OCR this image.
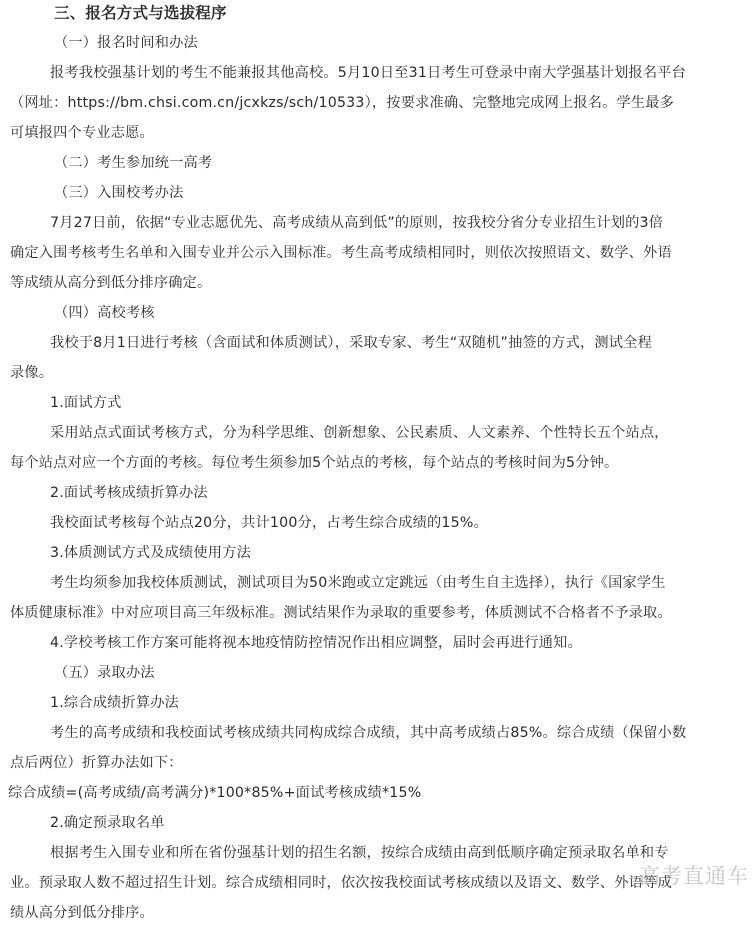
三、报名方式与选拔程序
（一）报名时间和办法
报考我校强基计划的考生不能兼报其他高校。5月10日至31日考生可登录中南大学强基计划报名平台
（网址：https://bm.chsi.com.cn/jcxkzs/sch/10533），按要求准确、完整地完成网上报名。学生最多
可填报四个专业志愿。
（二）考生参加统一高考
（三）入围校考办法
7月27日前，依据“专业志愿优先、高考成绩从高到低”的原则，按我校分省分专业招生计划的3倍
确定入围考核考生名单和入围专业并公示入围标准。考生高考成绩相同时，则依次按照语文、数学、外语
等成绩从高分到低分排序确定。
（四）高校考核
我校于8月1日进行考核（含面试和体质测试），采取专家、考生“双随机”抽签的方式，测试全程
录像。
1.面试方式
采用站点式面试考核方式，分为科学思维、创新想象、公民素质、人文素养、个性特长五个站点，
每个站点对应一个方面的考核。每位考生须参加5个站点的考核，每个站点的考核时间为5分钟。
2.面试考核成绩折算办法
我校面试考核每个站点20分，共计100分，占考生综合成绩的15%。
3.体质测试方式及成绩使用方法
考生均须参加我校体质测试，测试项目为50米跑或立定跳远（由考生自主选择），执行《国家学生
体质健康标准》中对应项目高三年级标准。测试结果作为录取的重要参考，体质测试不合格者不予录取。
4.学校考核工作方案可能将视本地疫情防控情况作出相应调整，届时会再进行通知。
（五）录取办法
1.综合成绩折算办法
考生的高考成绩和我校面试考核成绩共同构成综合成绩，其中高考成绩占85%。综合成绩（保留小数
点后两位）折算办法如下：
综合成绩=(高考成绩/高考满分)*100*85%+面试考核成绩*15%
2.确定预录取名单
根据考生入围专业和所在省份强基计划的招生名额，按综合成绩由高到低顺序确定预录取名单和专
业。预录取人数不超过招生计划。综合成绩相同时，依次按我校面试考核成绩以及语文、数学、外语等成
绩从高分到低分排序。
高考直通车
